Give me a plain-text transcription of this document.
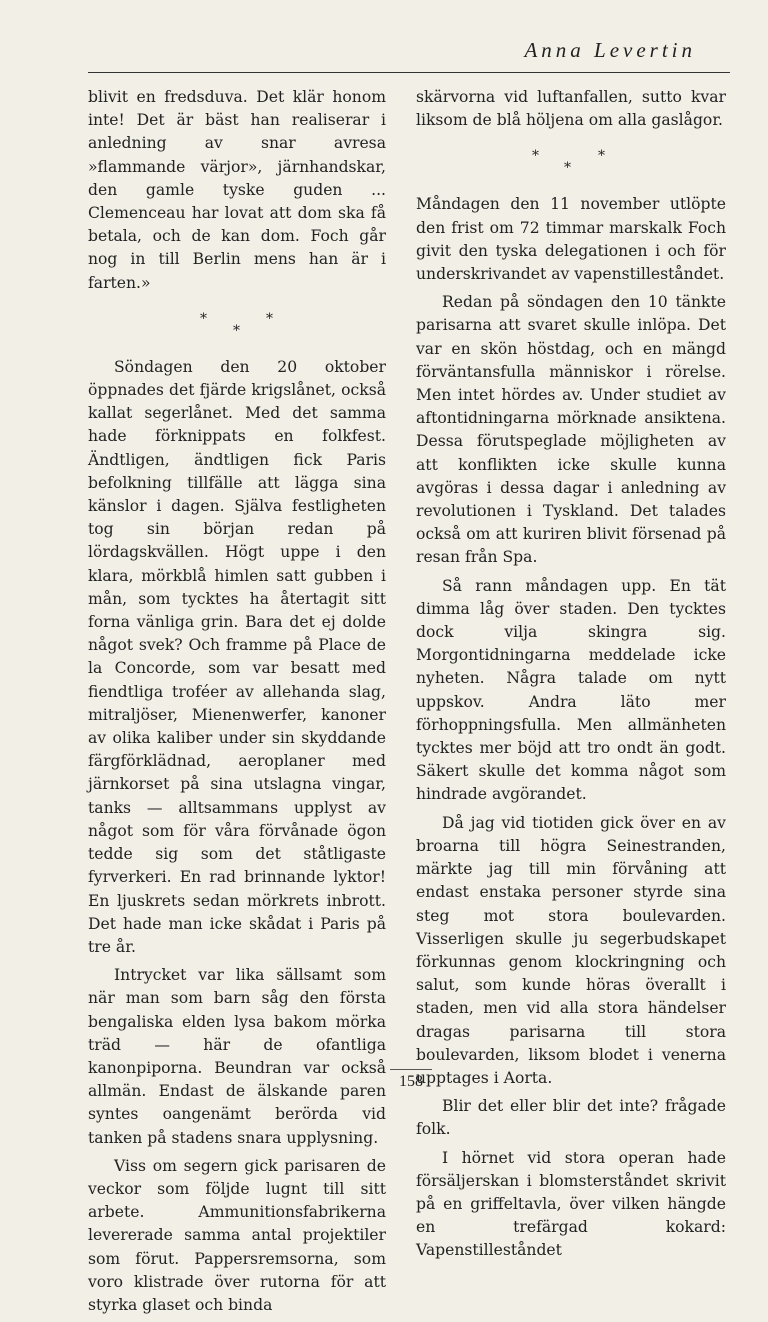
Anna Levertin

blivit en fredsduva. Det klär honom inte! Det är bäst han realiserar i anledning av snar avresa »flammande värjor», järnhandskar, den gamle tyske guden ... Clemenceau har lovat att dom ska få betala, och de kan dom. Foch går nog in till Berlin mens han är i farten.»

*
*
*

Söndagen den 20 oktober öppnades det fjärde krigslånet, också kallat segerlånet. Med det samma hade förknippats en folkfest. Ändtligen, ändtligen fick Paris befolkning tillfälle att lägga sina känslor i dagen. Själva festligheten tog sin början redan på lördagskvällen. Högt uppe i den klara, mörkblå himlen satt gubben i mån, som tycktes ha återtagit sitt forna vänliga grin. Bara det ej dolde något svek? Och framme på Place de la Concorde, som var besatt med fiendtliga troféer av allehanda slag, mitraljöser, Mienenwerfer, kanoner av olika kaliber under sin skyddande färgförklädnad, aeroplaner med järnkorset på sina utslagna vingar, tanks — alltsammans upplyst av något som för våra förvånade ögon tedde sig som det ståtligaste fyrverkeri. En rad brinnande lyktor! En ljuskrets sedan mörkrets inbrott. Det hade man icke skådat i Paris på tre år.

Intrycket var lika sällsamt som när man som barn såg den första bengaliska elden lysa bakom mörka träd — här de ofantliga kanonpiporna. Beundran var också allmän. Endast de älskande paren syntes oangenämt berörda vid tanken på stadens snara upplysning.

Viss om segern gick parisaren de veckor som följde lugnt till sitt arbete. Ammunitionsfabrikerna levererade samma antal projektiler som förut. Pappersremsorna, som voro klistrade över rutorna för att styrka glaset och binda

skärvorna vid luftanfallen, sutto kvar liksom de blå höljena om alla gaslågor.

*
*
*

Måndagen den 11 november utlöpte den frist om 72 timmar marskalk Foch givit den tyska delegationen i och för underskrivandet av vapenstilleståndet.

Redan på söndagen den 10 tänkte parisarna att svaret skulle inlöpa. Det var en skön höstdag, och en mängd förväntansfulla människor i rörelse. Men intet hördes av. Under studiet av aftontidningarna mörknade ansiktena. Dessa förutspeglade möjligheten av att konflikten icke skulle kunna avgöras i dessa dagar i anledning av revolutionen i Tyskland. Det talades också om att kuriren blivit försenad på resan från Spa.

Så rann måndagen upp. En tät dimma låg över staden. Den tycktes dock vilja skingra sig. Morgontidningarna meddelade icke nyheten. Några talade om nytt uppskov. Andra läto mer förhoppningsfulla. Men allmänheten tycktes mer böjd att tro ondt än godt. Säkert skulle det komma något som hindrade avgörandet.

Då jag vid tiotiden gick över en av broarna till högra Seinestranden, märkte jag till min förvåning att endast enstaka personer styrde sina steg mot stora boulevarden. Visserligen skulle ju segerbudskapet förkunnas genom klockringning och salut, som kunde höras överallt i staden, men vid alla stora händelser dragas parisarna till stora boulevarden, liksom blodet i venerna upptages i Aorta.

Blir det eller blir det inte? frågade folk.

I hörnet vid stora operan hade försäljerskan i blomsterståndet skrivit på en griffeltavla, över vilken hängde en trefärgad kokard: Vapenstilleståndet

158
